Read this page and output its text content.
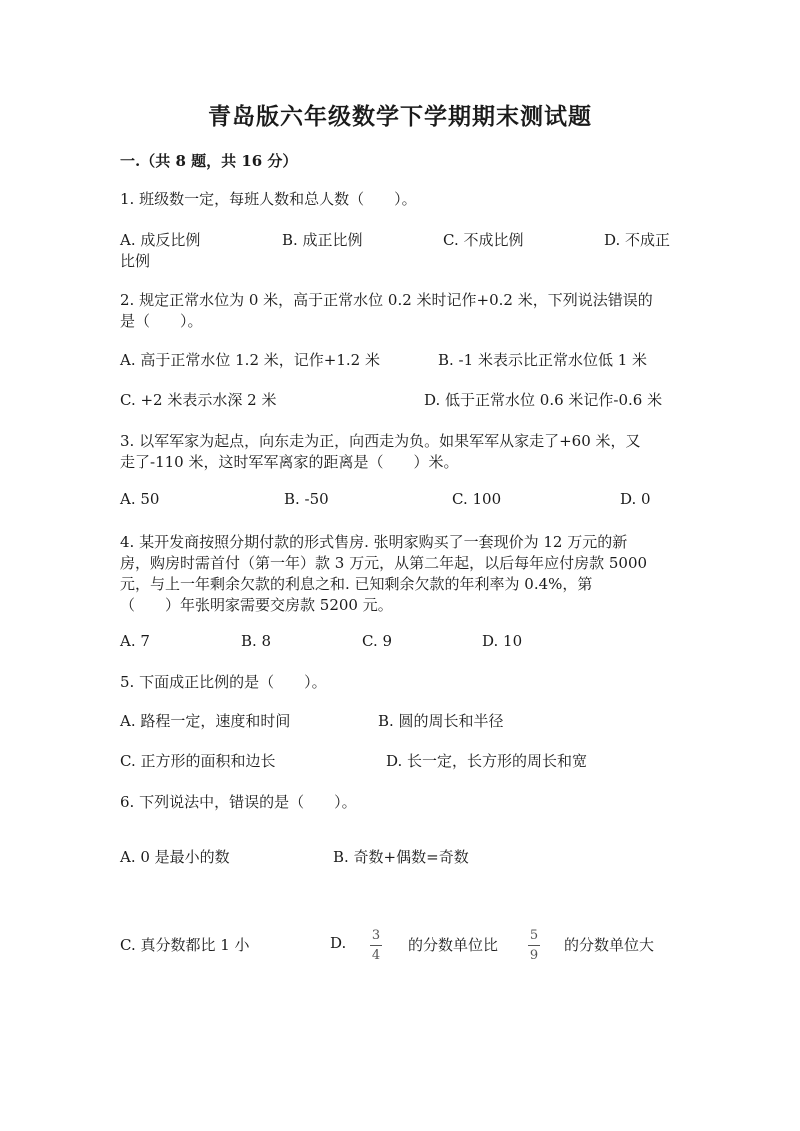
青岛版六年级数学下学期期末测试题
一.（共 8 题，共 16 分）
1. 班级数一定，每班人数和总人数（　　）。
A. 成反比例	B. 成正比例	C. 不成比例	D. 不成正
比例
2. 规定正常水位为 0 米，高于正常水位 0.2 米时记作+0.2 米，下列说法错误的
是（　　）。
A. 高于正常水位 1.2 米，记作+1.2 米	B. -1 米表示比正常水位低 1 米
C. +2 米表示水深 2 米	D. 低于正常水位 0.6 米记作-0.6 米
3. 以军军家为起点，向东走为正，向西走为负。如果军军从家走了+60 米，又
走了-110 米，这时军军离家的距离是（　　）米。
A. 50	B. -50	C. 100	D. 0
4. 某开发商按照分期付款的形式售房. 张明家购买了一套现价为 12 万元的新
房，购房时需首付（第一年）款 3 万元，从第二年起，以后每年应付房款 5000
元，与上一年剩余欠款的利息之和. 已知剩余欠款的年利率为 0.4%，第
（　　）年张明家需要交房款 5200 元。
A. 7	B. 8	C. 9	D. 10
5. 下面成正比例的是（　　）。
A. 路程一定，速度和时间	B. 圆的周长和半径
C. 正方形的面积和边长	D. 长一定，长方形的周长和宽
6. 下列说法中，错误的是（　　）。
A. 0 是最小的数	B. 奇数+偶数=奇数
C. 真分数都比 1 小	D. 3
4
的分数单位比
5
9
的分数单位大
